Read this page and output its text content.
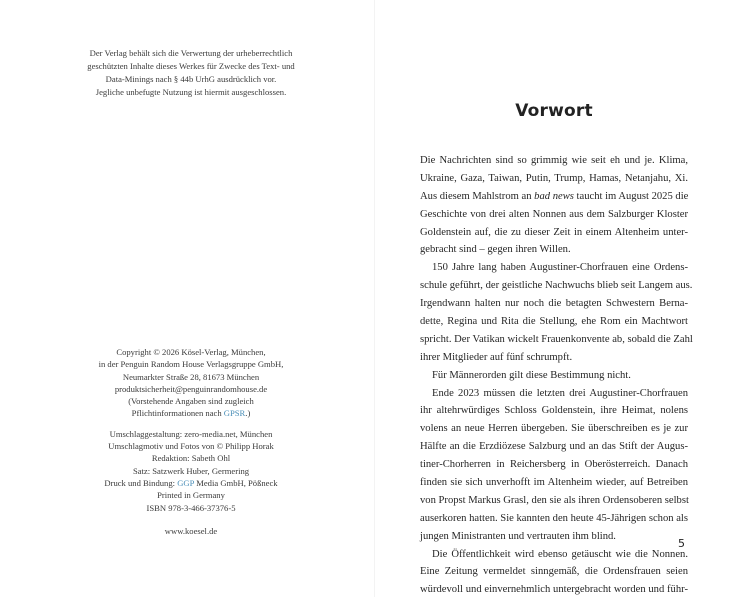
Der Verlag behält sich die Verwertung der urheberrechtlich
geschützten Inhalte dieses Werkes für Zwecke des Text- und
Data-Minings nach § 44b UrhG ausdrücklich vor.
Jegliche unbefugte Nutzung ist hiermit ausgeschlossen.
Copyright © 2026 Kösel-Verlag, München,
in der Penguin Random House Verlagsgruppe GmbH,
Neumarkter Straße 28, 81673 München
produktsicherheit@penguinrandomhouse.de
(Vorstehende Angaben sind zugleich
Pflichtinformationen nach GPSR.)
Umschlaggestaltung: zero-media.net, München
Umschlagmotiv und Fotos von © Philipp Horak
Redaktion: Sabeth Ohl
Satz: Satzwerk Huber, Germering
Druck und Bindung: GGP Media GmbH, Pößneck
Printed in Germany
ISBN 978-3-466-37376-5
www.koesel.de
Vorwort
Die Nachrichten sind so grimmig wie seit eh und je. Klima,
Ukraine, Gaza, Taiwan, Putin, Trump, Hamas, Netanjahu, Xi.
Aus diesem Mahlstrom an bad news taucht im August 2025 die
Geschichte von drei alten Nonnen aus dem Salzburger Kloster
Goldenstein auf, die zu dieser Zeit in einem Altenheim unter-
gebracht sind – gegen ihren Willen.
150 Jahre lang haben Augustiner-Chorfrauen eine Ordens-
schule geführt, der geistliche Nachwuchs blieb seit Langem aus.
Irgendwann halten nur noch die betagten Schwestern Berna-
dette, Regina und Rita die Stellung, ehe Rom ein Machtwort
spricht. Der Vatikan wickelt Frauenkonvente ab, sobald die Zahl
ihrer Mitglieder auf fünf schrumpft.
Für Männerorden gilt diese Bestimmung nicht.
Ende 2023 müssen die letzten drei Augustiner-Chorfrauen
ihr altehrwürdiges Schloss Goldenstein, ihre Heimat, nolens
volens an neue Herren übergeben. Sie überschreiben es je zur
Hälfte an die Erzdiözese Salzburg und an das Stift der Augus-
tiner-Chorherren in Reichersberg in Oberösterreich. Danach
finden sie sich unverhofft im Altenheim wieder, auf Betreiben
von Propst Markus Grasl, den sie als ihren Ordensoberen selbst
auserkoren hatten. Sie kannten den heute 45-Jährigen schon als
jungen Ministranten und vertrauten ihm blind.
Die Öffentlichkeit wird ebenso getäuscht wie die Nonnen.
Eine Zeitung vermeldet sinngemäß, die Ordensfrauen seien
würdevoll und einvernehmlich untergebracht worden und führ-
5
